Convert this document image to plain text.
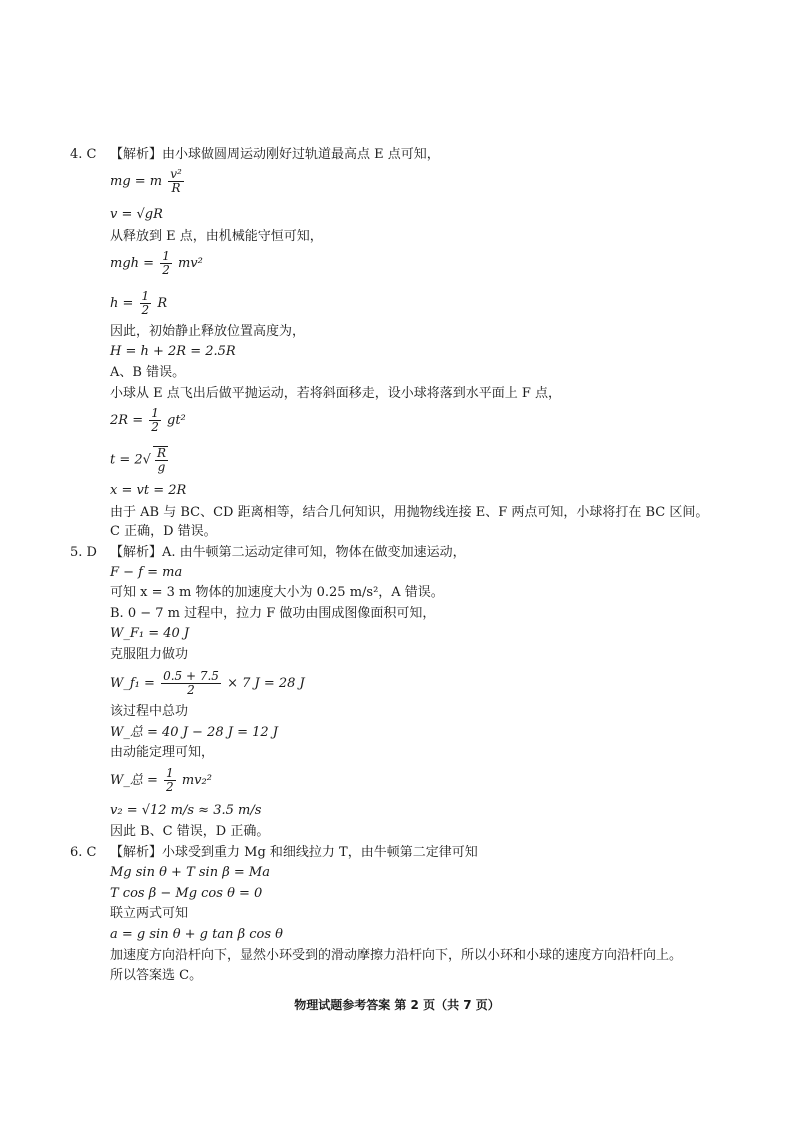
4. C 【解析】由小球做圆周运动刚好过轨道最高点 E 点可知，
mg = m $\frac{\text{v²}}{R}$
v = √gR
从释放到 E 点，由机械能守恒可知，
mgh = $\frac{1}{2} mv^2$
$h = \frac{1}{2}$ R
因此，初始静止释放位置高度为，
H = h + 2R = 2.5R
A、B 错误。
小球从 E 点飞出后做平抛运动，若将斜面移走，设小球将落到水平面上 F 点，
$2R = \frac{1}{2} gt^2$
$t = 2√ \frac{R}{g}$
x = vt = 2R
由于 AB 与 BC、CD 距离相等，结合几何知识，用抛物线连接 E、F 两点可知，小球将打在 BC 区间。
C 正确，D 错误。
5. D 【解析】A. 由牛顿第二运动定律可知，物体在做变加速运动，
F − f = ma
可知 x = 3 m 物体的加速度大小为 0.25 m/s²，A 错误。
B. 0 − 7 m 过程中，拉力 F 做功由围成图像面积可知，
W_F₁ = 40 J
克服阻力做功
W_f₁ = $\frac{0.5 + 7.5}{2} \times 7$ J = 28 J
该过程中总功
W_总 = 40 J − 28 J = 12 J
由动能定理可知，
W_总 = $\frac{1}{2} mv_2^2$
v₂ = √12 m/s ≈ 3.5 m/s
因此 B、C 错误，D 正确。
6. C 【解析】小球受到重力 Mg 和细线拉力 T，由牛顿第二定律可知
Mg sin θ + T sin β = Ma
T cos β − Mg cos θ = 0
联立两式可知
a = g sin θ + g tan β cos θ
加速度方向沿杆向下，显然小环受到的滑动摩擦力沿杆向下，所以小环和小球的速度方向沿杆向上。
所以答案选 C。
物理试题参考答案 第 2 页（共 7 页）
